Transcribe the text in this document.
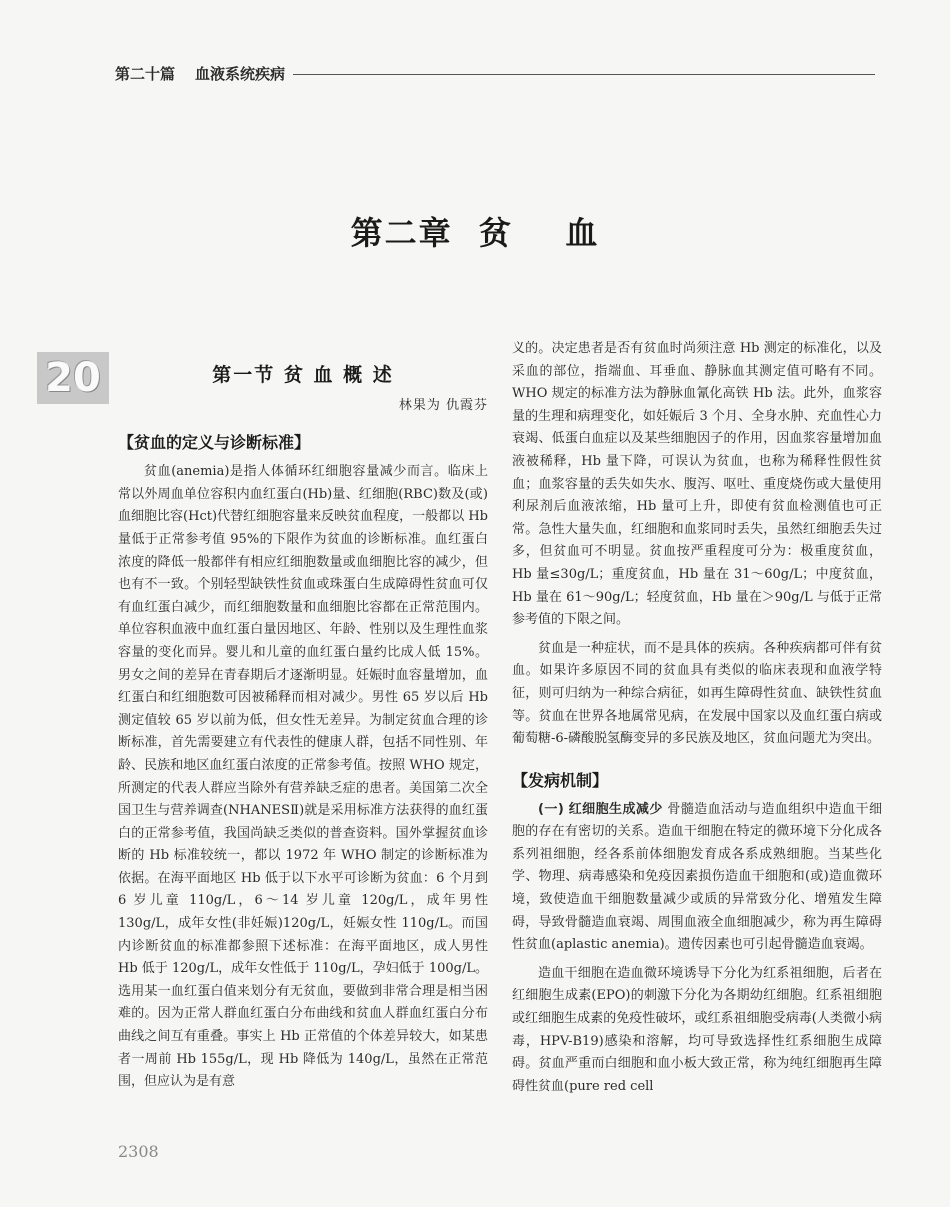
第二十篇 血液系统疾病
第二章  贫    血
20	第一节 贫 血 概 述
林果为 仇霞芬
【贫血的定义与诊断标准】

贫血(anemia)是指人体循环红细胞容量减少而言。临床上常以外周血单位容积内血红蛋白(Hb)量、红细胞(RBC)数及(或)血细胞比容(Hct)代替红细胞容量来反映贫血程度，一般都以 Hb 量低于正常参考值 95%的下限作为贫血的诊断标准。血红蛋白浓度的降低一般都伴有相应红细胞数量或血细胞比容的减少，但也有不一致。个别轻型缺铁性贫血或珠蛋白生成障碍性贫血可仅有血红蛋白减少，而红细胞数量和血细胞比容都在正常范围内。单位容积血液中血红蛋白量因地区、年龄、性别以及生理性血浆容量的变化而异。婴儿和儿童的血红蛋白量约比成人低 15%。男女之间的差异在青春期后才逐渐明显。妊娠时血容量增加，血红蛋白和红细胞数可因被稀释而相对减少。男性 65 岁以后 Hb 测定值较 65 岁以前为低，但女性无差异。为制定贫血合理的诊断标准，首先需要建立有代表性的健康人群，包括不同性别、年龄、民族和地区血红蛋白浓度的正常参考值。按照 WHO 规定，所测定的代表人群应当除外有营养缺乏症的患者。美国第二次全国卫生与营养调查(NHANESⅡ)就是采用标准方法获得的血红蛋白的正常参考值，我国尚缺乏类似的普查资料。国外掌握贫血诊断的 Hb 标准较统一，都以 1972 年 WHO 制定的诊断标准为依据。在海平面地区 Hb 低于以下水平可诊断为贫血：6 个月到 6 岁儿童 110g/L，6～14 岁儿童 120g/L，成年男性 130g/L，成年女性(非妊娠)120g/L，妊娠女性 110g/L。而国内诊断贫血的标准都参照下述标准：在海平面地区，成人男性 Hb 低于 120g/L，成年女性低于 110g/L，孕妇低于 100g/L。选用某一血红蛋白值来划分有无贫血，要做到非常合理是相当困难的。因为正常人群血红蛋白分布曲线和贫血人群血红蛋白分布曲线之间互有重叠。事实上 Hb 正常值的个体差异较大，如某患者一周前 Hb 155g/L，现 Hb 降低为 140g/L，虽然在正常范围，但应认为是有意

义的。决定患者是否有贫血时尚须注意 Hb 测定的标准化，以及采血的部位，指端血、耳垂血、静脉血其测定值可略有不同。WHO 规定的标准方法为静脉血氰化高铁 Hb 法。此外，血浆容量的生理和病理变化，如妊娠后 3 个月、全身水肿、充血性心力衰竭、低蛋白血症以及某些细胞因子的作用，因血浆容量增加血液被稀释，Hb 量下降，可误认为贫血，也称为稀释性假性贫血；血浆容量的丢失如失水、腹泻、呕吐、重度烧伤或大量使用利尿剂后血液浓缩，Hb 量可上升，即使有贫血检测值也可正常。急性大量失血，红细胞和血浆同时丢失，虽然红细胞丢失过多，但贫血可不明显。贫血按严重程度可分为：极重度贫血，Hb 量≤30g/L；重度贫血，Hb 量在 31～60g/L；中度贫血，Hb 量在 61～90g/L；轻度贫血，Hb 量在＞90g/L 与低于正常参考值的下限之间。

贫血是一种症状，而不是具体的疾病。各种疾病都可伴有贫血。如果许多原因不同的贫血具有类似的临床表现和血液学特征，则可归纳为一种综合病征，如再生障碍性贫血、缺铁性贫血等。贫血在世界各地属常见病，在发展中国家以及血红蛋白病或葡萄糖-6-磷酸脱氢酶变异的多民族及地区，贫血问题尤为突出。

【发病机制】

(一) 红细胞生成减少 骨髓造血活动与造血组织中造血干细胞的存在有密切的关系。造血干细胞在特定的微环境下分化成各系列祖细胞，经各系前体细胞发育成各系成熟细胞。当某些化学、物理、病毒感染和免疫因素损伤造血干细胞和(或)造血微环境，致使造血干细胞数量减少或质的异常致分化、增殖发生障碍，导致骨髓造血衰竭、周围血液全血细胞减少，称为再生障碍性贫血(aplastic anemia)。遗传因素也可引起骨髓造血衰竭。

造血干细胞在造血微环境诱导下分化为红系祖细胞，后者在红细胞生成素(EPO)的刺激下分化为各期幼红细胞。红系祖细胞或红细胞生成素的免疫性破坏，或红系祖细胞受病毒(人类微小病毒，HPV-B19)感染和溶解，均可导致选择性红系细胞生成障碍。贫血严重而白细胞和血小板大致正常，称为纯红细胞再生障碍性贫血(pure red cell

2308
